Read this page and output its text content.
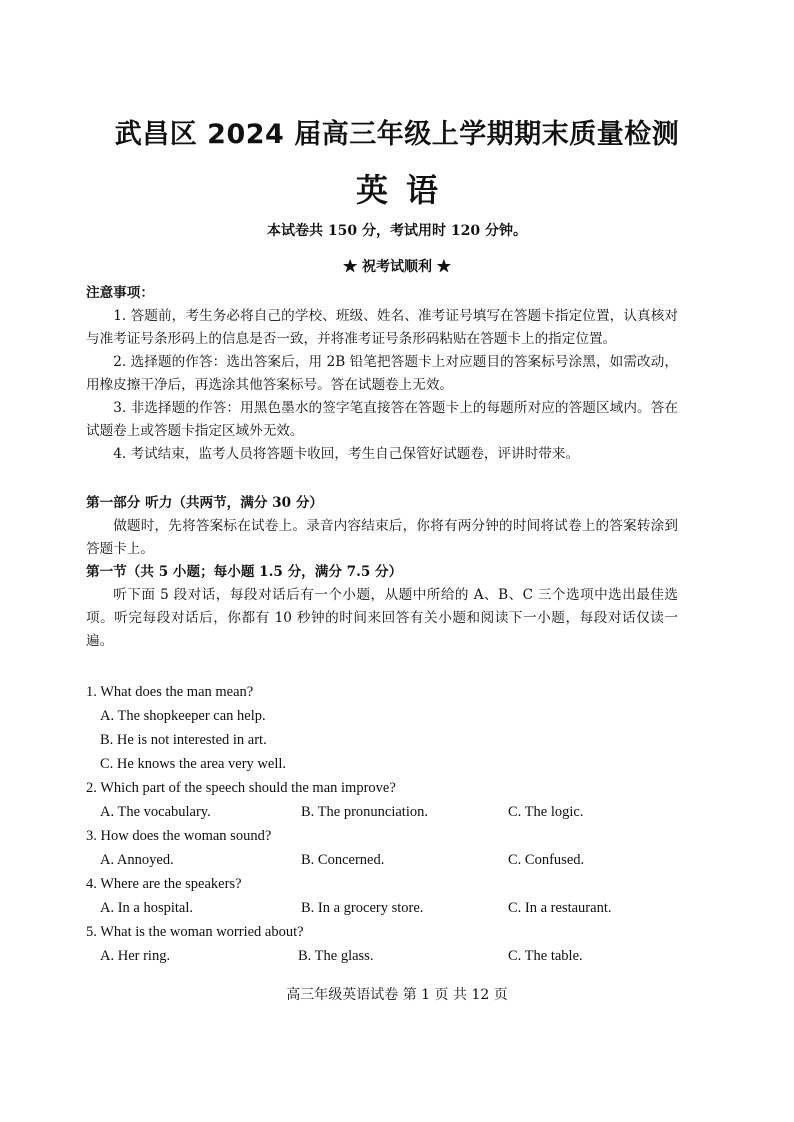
武昌区 2024 届高三年级上学期期末质量检测
英语
本试卷共 150 分，考试用时 120 分钟。
★ 祝考试顺利 ★

注意事项：

1. 答题前，考生务必将自己的学校、班级、姓名、准考证号填写在答题卡指定位置，认真核对与准考证号条形码上的信息是否一致，并将准考证号条形码粘贴在答题卡上的指定位置。

2. 选择题的作答：选出答案后，用 2B 铅笔把答题卡上对应题目的答案标号涂黑，如需改动，用橡皮擦干净后，再选涂其他答案标号。答在试题卷上无效。

3. 非选择题的作答：用黑色墨水的签字笔直接答在答题卡上的每题所对应的答题区域内。答在试题卷上或答题卡指定区域外无效。

4. 考试结束，监考人员将答题卡收回，考生自己保管好试题卷，评讲时带来。

第一部分 听力（共两节，满分 30 分）

做题时，先将答案标在试卷上。录音内容结束后，你将有两分钟的时间将试卷上的答案转涂到答题卡上。

第一节（共 5 小题；每小题 1.5 分，满分 7.5 分）

听下面 5 段对话，每段对话后有一个小题，从题中所给的 A、B、C 三个选项中选出最佳选项。听完每段对话后，你都有 10 秒钟的时间来回答有关小题和阅读下一小题，每段对话仅读一遍。

1. What does the man mean?
A. The shopkeeper can help.
B. He is not interested in art.
C. He knows the area very well.
2. Which part of the speech should the man improve?
A. The vocabulary.	B. The pronunciation.	C. The logic.
3. How does the woman sound?
A. Annoyed.	B. Concerned.	C. Confused.
4. Where are the speakers?
A. In a hospital.	B. In a grocery store.	C. In a restaurant.
5. What is the woman worried about?
A. Her ring.	B. The glass.	C. The table.
高三年级英语试卷 第 1 页 共 12 页
